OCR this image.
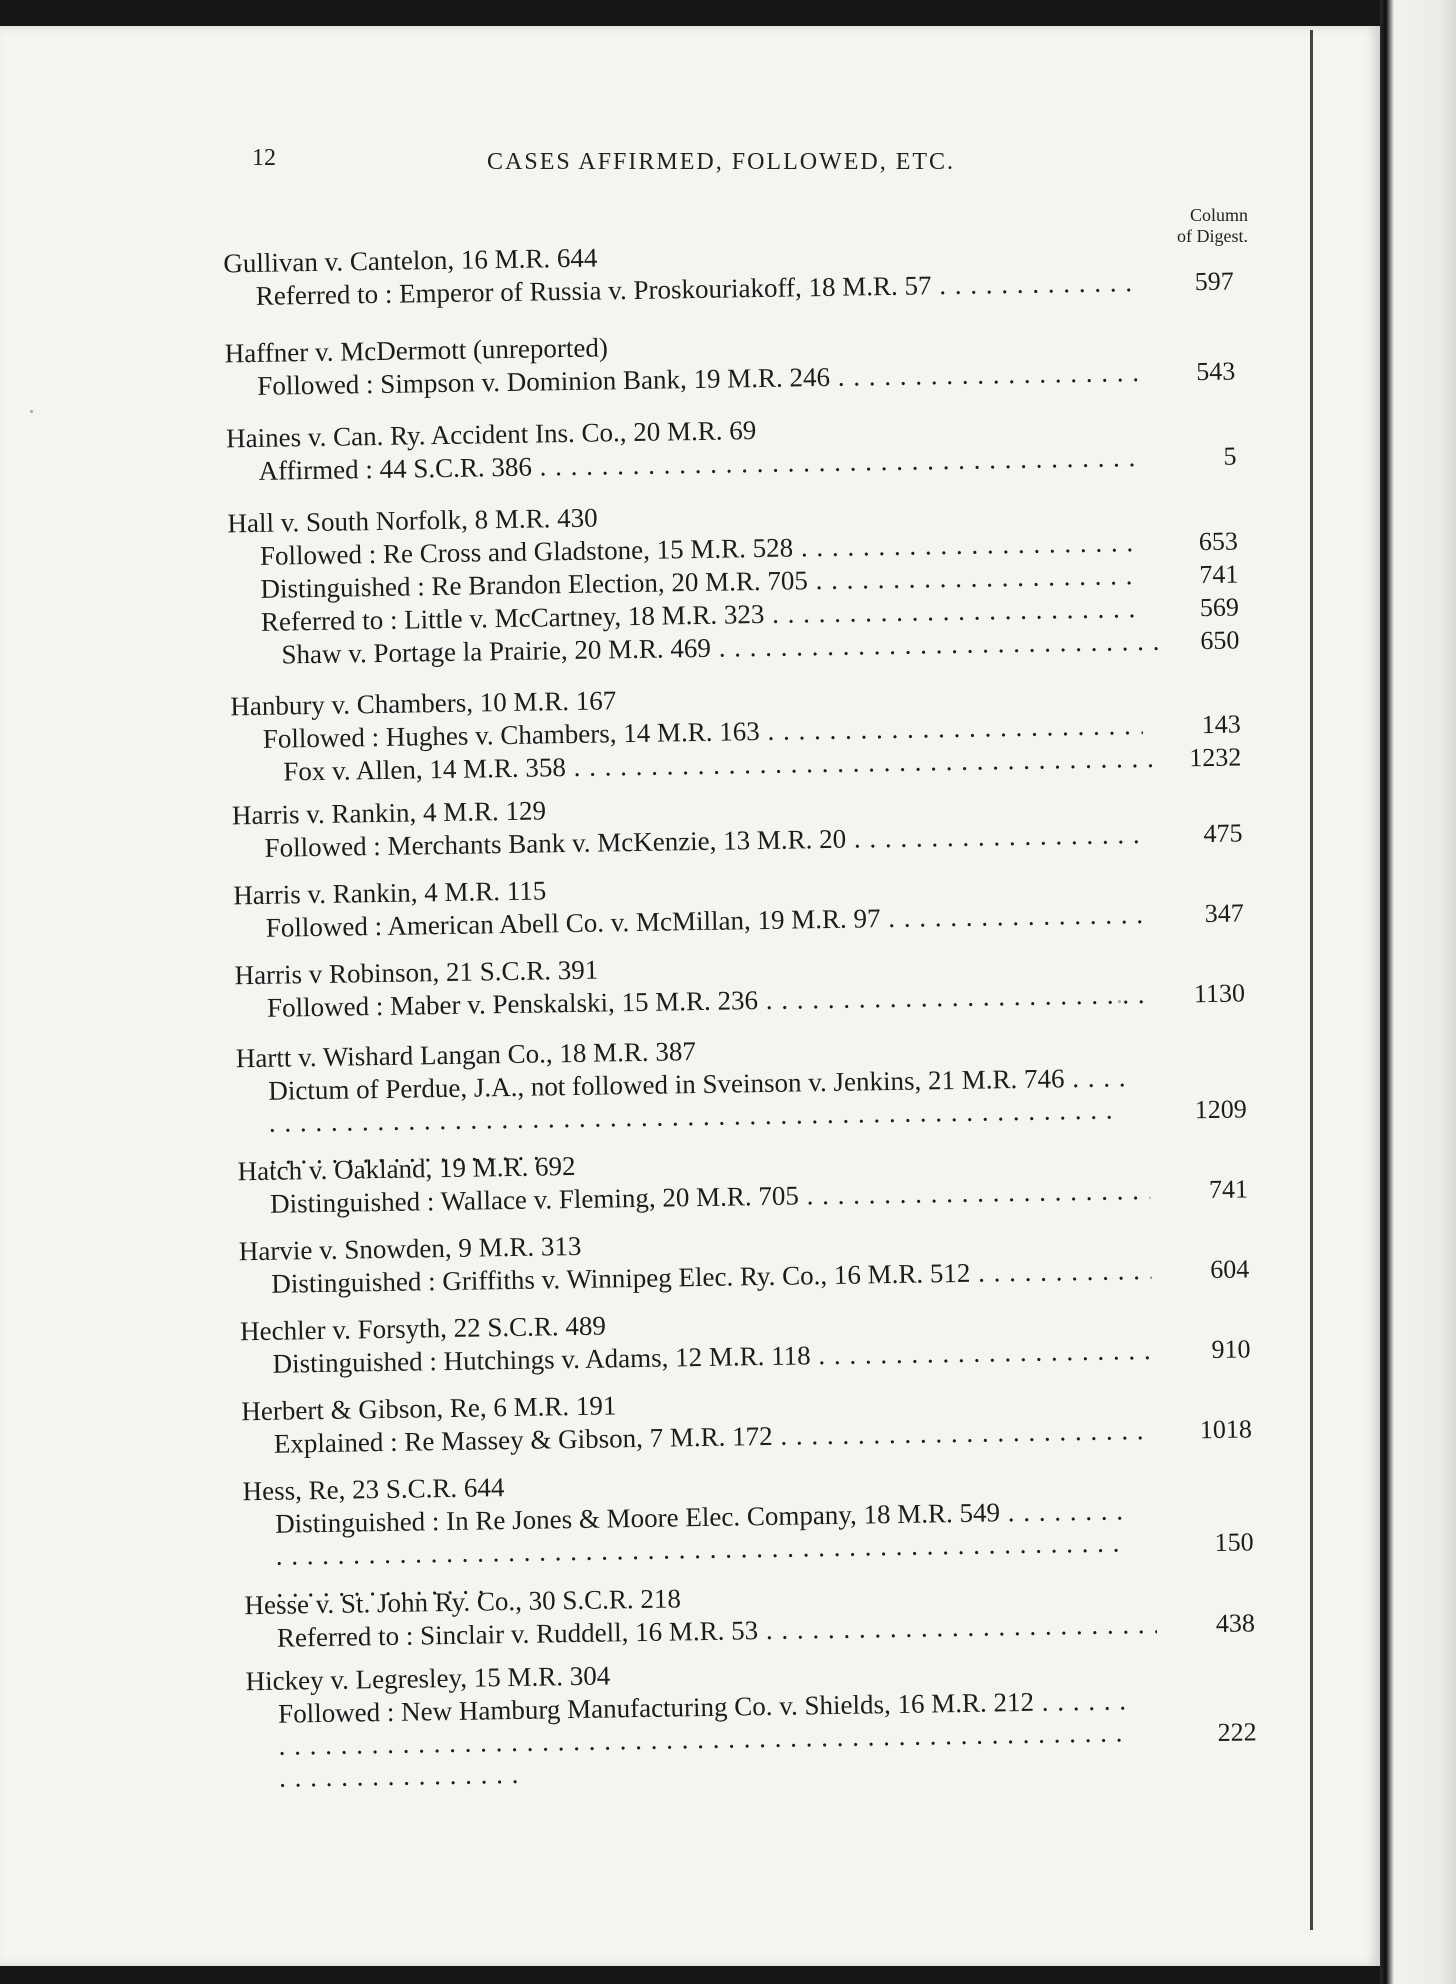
12	CASES AFFIRMED, FOLLOWED, ETC.
Column
of Digest.
Gullivan v. Cantelon, 16 M.R. 644
Referred to : Emperor of Russia v. Proskouriakoff, 18 M.R. 57 . . .	597
Haffner v. McDermott (unreported)
Followed : Simpson v. Dominion Bank, 19 M.R. 246 . . .	543
Haines v. Can. Ry. Accident Ins. Co., 20 M.R. 69
Affirmed : 44 S.C.R. 386 . . .	5
Hall v. South Norfolk, 8 M.R. 430
Followed : Re Cross and Gladstone, 15 M.R. 528 . . .	653
Distinguished : Re Brandon Election, 20 M.R. 705 . . .	741
Referred to : Little v. McCartney, 18 M.R. 323 . . .	569
Shaw v. Portage la Prairie, 20 M.R. 469 . . .	650
Hanbury v. Chambers, 10 M.R. 167
Followed : Hughes v. Chambers, 14 M.R. 163 . . .	143
Fox v. Allen, 14 M.R. 358 . . .	1232
Harris v. Rankin, 4 M.R. 129
Followed : Merchants Bank v. McKenzie, 13 M.R. 20 . . .	475
Harris v. Rankin, 4 M.R. 115
Followed : American Abell Co. v. McMillan, 19 M.R. 97 . . .	347
Harris v Robinson, 21 S.C.R. 391
Followed : Maber v. Penskalski, 15 M.R. 236 . . .	1130
Hartt v. Wishard Langan Co., 18 M.R. 387
Dictum of Perdue, J.A., not followed in Sveinson v. Jenkins, 21 M.R. 746 . . .
1209
Hatch v. Oakland, 19 M.R. 692
Distinguished : Wallace v. Fleming, 20 M.R. 705 . . .	741
Harvie v. Snowden, 9 M.R. 313
Distinguished : Griffiths v. Winnipeg Elec. Ry. Co., 16 M.R. 512 . . .	604
Hechler v. Forsyth, 22 S.C.R. 489
Distinguished : Hutchings v. Adams, 12 M.R. 118 . . .	910
Herbert & Gibson, Re, 6 M.R. 191
Explained : Re Massey & Gibson, 7 M.R. 172 . . .	1018
Hess, Re, 23 S.C.R. 644
Distinguished : In Re Jones & Moore Elec. Company, 18 M.R. 549 . . .
150
Hesse v. St. John Ry. Co., 30 S.C.R. 218
Referred to : Sinclair v. Ruddell, 16 M.R. 53 . . .	438
Hickey v. Legresley, 15 M.R. 304
Followed : New Hamburg Manufacturing Co. v. Shields, 16 M.R. 212 . . .
222
